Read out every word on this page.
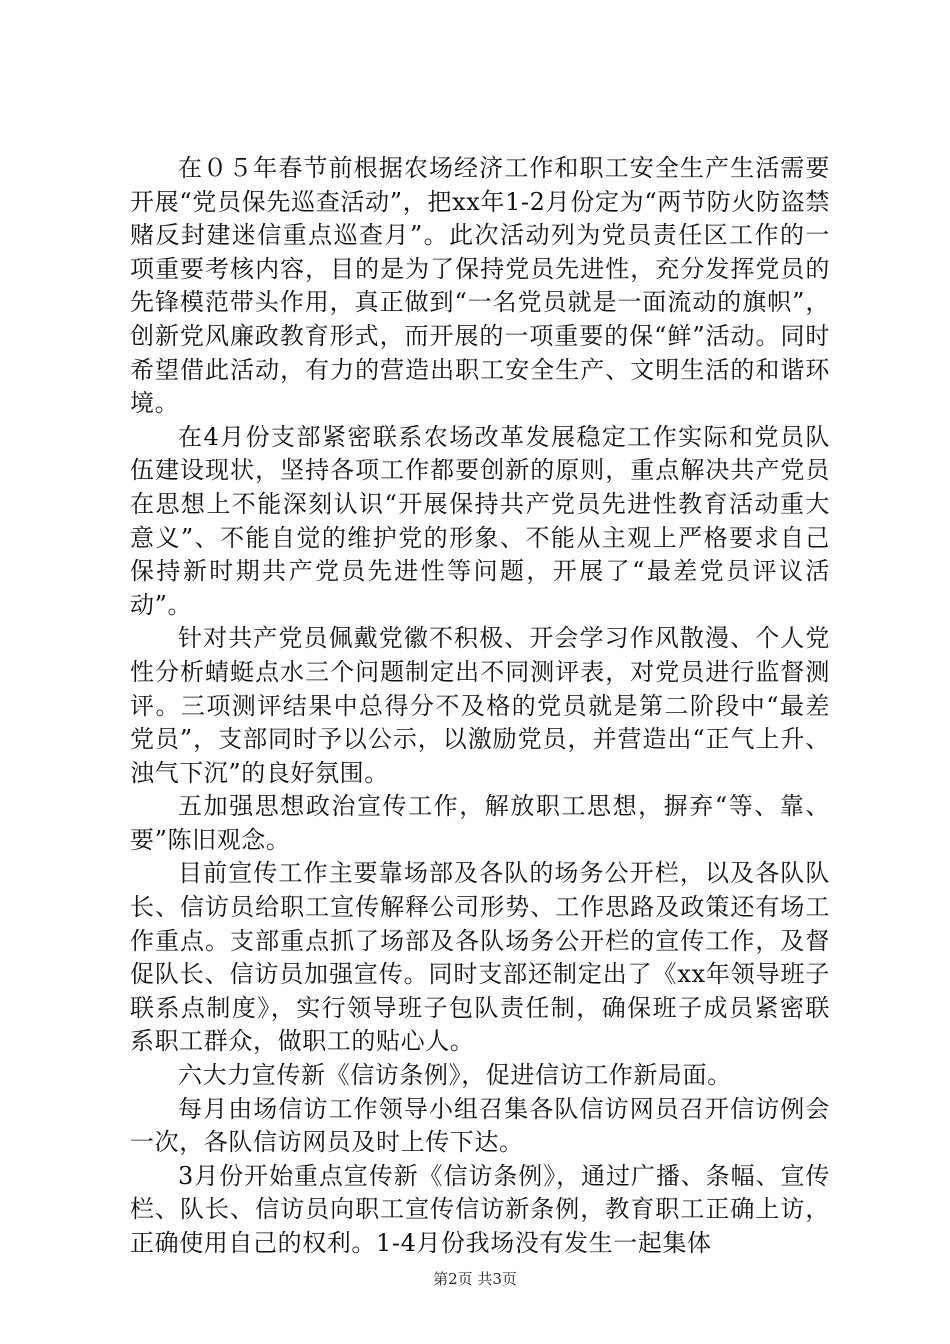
在０５年春节前根据农场经济工作和职工安全生产生活需要开展“党员保先巡查活动”，把xx年1-2月份定为“两节防火防盗禁赌反封建迷信重点巡查月”。此次活动列为党员责任区工作的一项重要考核内容，目的是为了保持党员先进性，充分发挥党员的先锋模范带头作用，真正做到“一名党员就是一面流动的旗帜”，创新党风廉政教育形式，而开展的一项重要的保“鲜”活动。同时希望借此活动，有力的营造出职工安全生产、文明生活的和谐环境。

在4月份支部紧密联系农场改革发展稳定工作实际和党员队伍建设现状，坚持各项工作都要创新的原则，重点解决共产党员在思想上不能深刻认识“开展保持共产党员先进性教育活动重大意义”、不能自觉的维护党的形象、不能从主观上严格要求自己保持新时期共产党员先进性等问题，开展了“最差党员评议活动”。

针对共产党员佩戴党徽不积极、开会学习作风散漫、个人党性分析蜻蜓点水三个问题制定出不同测评表，对党员进行监督测评。三项测评结果中总得分不及格的党员就是第二阶段中“最差党员”，支部同时予以公示，以激励党员，并营造出“正气上升、浊气下沉”的良好氛围。

五加强思想政治宣传工作，解放职工思想，摒弃“等、靠、要”陈旧观念。

目前宣传工作主要靠场部及各队的场务公开栏，以及各队队长、信访员给职工宣传解释公司形势、工作思路及政策还有场工作重点。支部重点抓了场部及各队场务公开栏的宣传工作，及督促队长、信访员加强宣传。同时支部还制定出了《xx年领导班子联系点制度》，实行领导班子包队责任制，确保班子成员紧密联系职工群众，做职工的贴心人。

六大力宣传新《信访条例》，促进信访工作新局面。

每月由场信访工作领导小组召集各队信访网员召开信访例会一次，各队信访网员及时上传下达。

3月份开始重点宣传新《信访条例》，通过广播、条幅、宣传栏、队长、信访员向职工宣传信访新条例，教育职工正确上访，正确使用自己的权利。1-4月份我场没有发生一起集体

第2页 共3页
